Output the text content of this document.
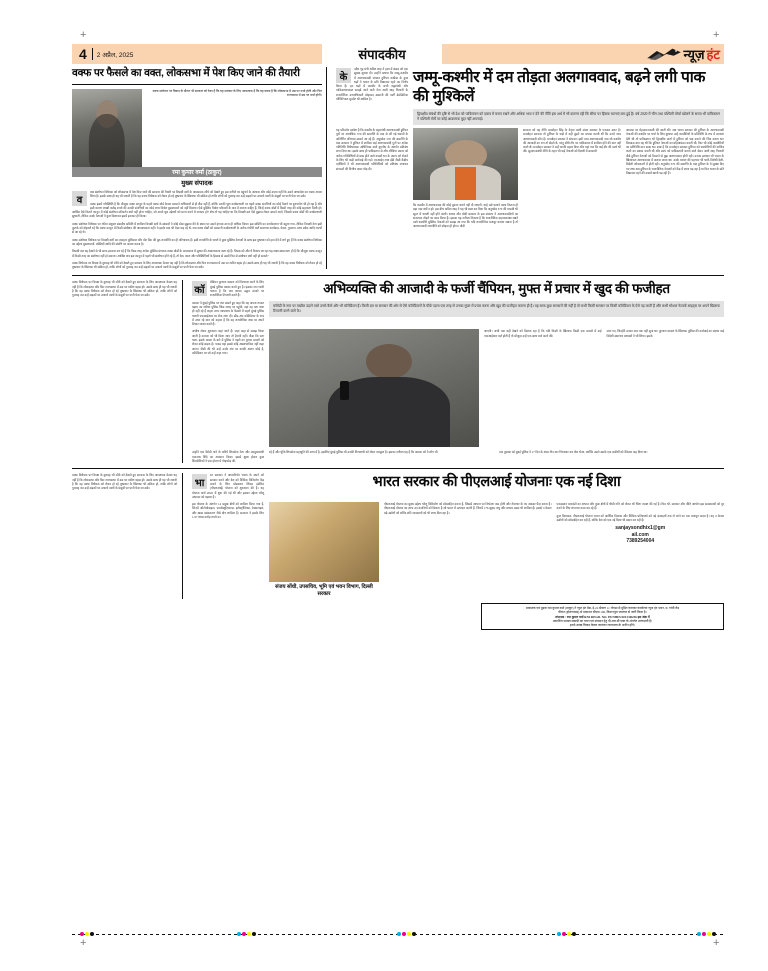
+	+
+	+
4	2 अप्रैल, 2025	संपादकीय	न्यूज़ हंट
वक्फ पर फैसले का वक्त, लोकसभा में पेश किए जाने की तैयारी
वक्फ संशोधन पर विवाद के दौरान भी सरकार को टेका है कि यह सरकार के लिए आवश्यक है कि वह वक्फ है कि लोकसभा में उस पर चर्चा होगी और फिर राज्यसभा में उस पर चर्चा होगी।
रमा कुमार वर्मा (ठाकुर)
मुख्य संपादक
व
क्फ संशोधन विधेयक को लोकसभा में पेश किए जाने की सरकार की तैयारी पर विपक्षी दलों के आक्रामक रवैये को देखते हुए इस नतीजे पर पहुंचने के अलावा और कोई उपाय नहीं कि उसने अध्यादेश का रास्ता अपना लिया है। इसके साथ ही यह भी जरूरी है कि यह वक्फ विधेयक को लेकर हो रहे दुष्प्रचार के खिलाफ भी सक्रिय हो ताकि लोगों को गुमराह कर उन्हें सड़कों पर उतारने वालों के मंसूबों पर पानी फेरा जा सके।
वक्फ इसमें परिस्थिति है कि मौजूदा वक्फ कानून के पहले वक्फ बोर्ड केवल मनमाने अधिकारों से ही लैस नहीं हैं, बल्कि उनकी भूल कार्यप्रणाली पर पहले वक्फ संपत्तियों का कोई पैमाने पर दुरुपयोग भी हो रहा है और इसी कारण लाखों करोड़ रुपये की उनकी संपत्तियों का कोई लाभ निर्बल मुसलमानों को नहीं मिलता। ऐसे मुस्लिम निर्बल परिवारों के बाद में नाराज कहिए हैं, जिन्हें वक्फ बोर्डों में किसी तरह की कोई सहायता मिली हो। आखिर ऐसे कितने कानून में कोई संशोधन-परिवर्तन क्यों नहीं होना चाहिए, जो अपने मूल उद्देश्यों को प्राप्त करने में नाकाम हो? शेष तो यह चाहिए था कि विपक्षी दल ऐसे मुझाव लेकर सामने आते, जिससे वक्फ बोर्डों की कार्यप्रणाली सुधरती, लेकिन उनके नेताओं ने कुल मिलाकर इसमें इनकार ही किया।
वक्फ संशोधन विधेयक पर गठित संयुक्त संसदीय समिति में शामिल विपक्षी दलों के सांसदों ने कोई ठोस सुझाव देने के स्थान पर उसने हंगामा ठाना ही अधिक किया। इस समिति का कार्यकलाप भी बहुत्य गया, लेकिन विपक्षी नेता इसी कुतर्क को दोहराते रहे कि वक्फ कानून में किसी संशोधन की आवश्यकता नहीं। वे इसके बाद भी ऐसा कह रहे थे, जब वक्फ बोर्डों को मनमानी कार्यप्रणाली के अनेक गंभीरी बातें समाचार कार्यक्रम, केरल, गुजरात, मध्य प्रदेश आदि राज्यों से आ रहे थे।
वक्फ संशोधन विधेयक पर विपक्षी दलों का व्यवहार मुशिकल और वोट बैंक की मूठ राजनीति का ही परिचायक है। इसी राजनीति के चलते वे कुछ मुस्लिम नेताओं के साथ इस दुष्प्रचार को हवा देने में लगे हुए हैं कि वक्फ संशोधन विधेयक का उद्देश्य मुसलमानों, मस्जिदों आदि की संपत्ति पर कब्जा करना है।
विपक्षी दल यह देखने से भी साफ इनकार कर रहे हैं कि किस तरह अनेक मुस्लिम मंगलक वक्फ बोर्डों के कामकाज में सुधार की आवश्यकता जता रहे हैं। विपक्ष को और ये रिकाय जा रहा यह लक्ष्य सामान्यत: ही है कि मौजूदा वक्फ कानून में किसी तरह का संशोधन नहीं हो सकता। आखिर जब इस कानून में पहले भी संशोधन होते रहे हैं, तो देश, काल और परिस्थितियों के हिसाब से उसमें फिर से संशोधन क्यों नहीं हो सकते?
वक्फ विधेयक पर विपक्ष के दुराग्रह भी रवैये को देखते हुए सरकार के लिए आवश्यक केवल यह नहीं है कि लोकसभा और फिर राज्यसभा में उस पर त्वरित बहस हो। उसके साथ ही यह भी जरूरी है कि वह वक्फ विधेयक को लेकर हो रहे दुष्प्रचार के खिलाफ भी सक्रिय हो, ताकि लोगों को गुमराह कर उन्हें सड़कों पर उतारने वालों के मंसूबों पर पानी फेरा जा सके।
के
न्द्रीय गृह मंत्री अमित शाह ने हाल में संसद को एक सुखद सूचना दी। उन्होंने बताया कि जम्मू-कश्मीर में अलगाववादी संगठन हुर्रियत कांफ्रेंस के कुछ धड़ों ने भारत के प्रति निष्ठावान रहने का निर्णय किया है। इन धड़ों में कश्मीर के सभी कट्टरपंथी और पाकिस्तानपरस्त समझे जाने वाले नेता अली शाह गिलानी के राजनीतिक उत्तराधिकारी मोहम्मद उस्मानी की पार्टी डेमोक्रेटिक पॉलिटिकल मूवमेंट भी शामिल है।
जम्मू-कश्मीर में दम तोड़ता अलगाववाद, बढ़ने लगी पाक की मुश्किलें
द्विपक्षीय संबंधों की दृष्टि से भी देश को पाकिस्तान को दबाव में बनाए रखने और अधिक भाव न देने की नीति इस अर्थ में भी कारगर रही कि सीमा पर हिंसक घटनाएं कम हुई हैं। वर्ष 2020 में चीन तथा पश्चिमी मोर्चा खोलने के समय भी पाकिस्तान ने पश्चिमी मोर्चे पर कोई आक्रामक मुद्दा नहीं अपनाई।
यह परिवर्तन दर्शाता है कि कश्मीर के कट्टरपंथी अलगाववादी हुर्रियत गुटों पर अत्यधिक 370 की समाप्ति के बाद से कौं गई थकावें के अनिर्णित परिणाम सामने आ रहे हैं। अनुच्छेद 370 की समाप्ति के बाद सरकार ने हुर्रियत में शामिल कई अलगाववादी गुटों पर अनेक गतिविधि निषेधात्मक अधिनियम वाले यूएपीए के अंतर्गत प्रतिबंध लगा दिया था। इसके साथ ही पाकिस्तान से और लीबिया प्रकार को अनेक गतिविधियों से ग्रास होने वाले कदमों धन के उपाय को रोकने के लिए भी कड़ी कार्रवाई की गई। एनआईए तथा ईडी जैसी केंद्रीय एजेंसियों ने भी अलगाववादी गतिविधियों को प्रतिबंध लगाकर संगठनों की वित्तीय कमर तोड़ दी।
कि कश्मीर में अलगाववाद की कोई दुकान चलने नहीं दी जाएगी, चाहे उसे चलाने वाला कितना ही बड़ा नाम क्यों न हो। इस बीच अमित शाह ने यह भी स्पष्ट कर दिया कि अनुच्छेद 370 की वापसी भी सूरत में चलती नहीं होने वाली। शायद और मोदी सरकार के इस संकल्प ने अलगाववादियों का संकल्पन तोड़ने का काम किया है। इसका यह नतीजा निकला है कि राजनीतिक महत्वाकांक्षा रखने वाले कश्मीरी मुस्लिम नेताओं को समझ आ गया कि यदि राजनीतिक मजबूर बनाया रखना है तो अलगाववादी राजनीति को छोड़ना ही होगा। मोदी
सरकार को यह नीति मनमोहन सिंह के नेतृत्व वाली संप्रग सरकार के एकदम उलट है। मनमोहन सरकार तो हुर्रियत के धड़ों में यही ढूंढ़ने का प्रयास करती थीं कि उनमें नरम अलगाववादी कौन है। मनमोहन सरकार ने संभवत: इसी नरम अलगाववादी नाम जो कश्मीर की आजादी का राग तो छेड़ते थे, परंतु सीधे तौर पर पाकिस्तान में शामिल होने की बात नहीं करते थे। मनमोहन सरकार ने उन्हें काफी महत्व दिया और यहां तक कि कई दौर की वार्ता भी की। सुरक्षा संबंधी नीति के तहत भी कई नेताओं को दिल्ली में सरकारी
आवास पर मेहमाननवाजी की जाती थी। जब भारत सरकार की हुर्रियत के अलगाववादी नेताओं की कश्मीर पर चर्चा के लिए बुलाया उन्हें कश्मीरियों के प्रतिनिधि के रूप में मान्यता देती थी तो पाकिस्तान भी द्विपक्षीय वार्ता में हुर्रियत को पक्ष बनाने की जिद करता था। विश्वास बात यह थी कि हुर्रियत नेताओं का महिमामंडन करती थी, फिर भी कोई कश्मीरियों का प्रतिनिधि मान सका था। स्पष्ट है कि मनमोहन सरकार हुर्रियत को कश्मीरियों की वाजिब करने का प्रयास करती थी और स्वयं को पाकिस्तानी बताने वाले सेवन अली शाह गिलानी जैसे हुर्रियत नेताओं को ठिकाने से मुझ अलगाववाद होगी रही। उनका इलाका भी भारत के खिलाफत अलगाववाद में करावा जाता था। उनके बारात की पहचान भी भारी-विरोधी देशी-विदेशी कोफ्फरटों में होती रही। अनुच्छेद 370 की समाप्ति के बाद हुर्रियत के ये सुरक्षा दिए गए तथा अब हुर्रियत के राजनीतिक नेताओं को केंद्र में लाना पड़ रहा है या फिर भारत के प्रति निष्ठावान रहने की कसमें खानी पड़ रही हैं।
वक्फ विधेयक पर विपक्ष के दुराग्रह भी रवैये को देखते हुए सरकार के लिए आवश्यक केवल यह नहीं है कि लोकसभा और फिर राज्यसभा में उस पर त्वरित बहस हो। उसके साथ ही यह भी जरूरी है कि वह वक्फ विधेयक को लेकर हो रहे दुष्प्रचार के खिलाफ भी सक्रिय हो, ताकि लोगों को गुमराह कर उन्हें सड़कों पर उतारने वालों के मंसूबों पर पानी फेरा जा सके।	कॉ
मेडियन कुणाल कामरा को गिरफ्तार करने के लिए मुंबई पुलिस पक्का बनते हुए है। इसका जन प्यारी चलना है कि जब शायद उद्धव ठाकरे पर राजनीतिक टिप्पणी करते हैं।	अभिव्यक्ति की आजादी के फर्जी चैंपियन, मुफ्त में प्रचार में खुद की फजीहत
कामरा ने मुंबई पुलिस पर तंज कसते हुए कहा कि यह अपना ताकत बढ़ाए का जरिया पुलिस जिस जगह पर पहुंची, वहां वह पता चला ही नहीं रहे हैं शहरा उच्च न्यायालय के फैसले में पहले मुंबई पुलिस चलती एफआईआर पर रोक लगा दी। स्टैंड-अप कॉमेडियन के रूप में उभर रहे बात को कहना है कि वह राजनीतिक रुख पर अपने विचार व्यक्त करते हैं।
कॉमेडी के नाम पर मखौल उड़ाने वाले उनसे कैसे और भी कॉमेडियन हैं। किसी दल या सरकार की ओर से ऐसे कॉमेडियनों के पीछे पड़ना एक तरह से उनका मुफ्त में प्रचार करना और खुद की फजीहत कराना ही है। यह साफ कुछ सरकारों की नहीं है तो कभी किसी सरकार पर किसी कॉमेडियन के ऐसे पड़ जाती हैं और कभी सोशल नेटवर्क साइट्स पर अपने खिलाफ टिप्पणी करने वाले के।
अभीष लेकर शुरुआत कहां जाते हैं। जहां कहा से समझ किया जाती है कामरा को भी मिला जाए तो हैरानी नहीं। जैसा कि पता चला, इसके कमरा के बारे में पुलिस ने पहले का पुराना मामले को लेकर कोई सड़क है। पकड़ यहां इससे कोई अस्वाभाविक नहीं कहा जाता। जैसी की भी उन्हें उनके मंच पर काफी अलग कोई है, कॉमेडियन पर जो उन्हें कहा गया।
जाएगी। अभी तक यही देखने को मिलता रहा है कि यदि किसी के खिलाफ किसी एक मामले में कई एफआईआर दर्ज होती हैं तो मौजूदा उन्हें एक साथ मर्ज करने की।
जान गए, जिन्होंने उनका नाम तक नहीं सुना था। कुणाल कामरा के खिलाफ पुलिस की कार्रवाई का संज्ञान कई विदेशी समाचार माध्यमों ने भी लिया। इसके
उन्होंने एक पैरोडी गाने के जरिये शिवसेना नेता और उपमुख्यमंत्री एकनाथ शिंदे का अपमान किया। इससे क्षुब्ध होकर कुछ शिवसैनिकों ने एक होटल में तोड़फोड़ की,
रहे हैं और चूंकि शिवसेना महायुति की सत्ता में है, इसलिए मुंबई पुलिस भी उनकी गिरफ्तारी को लेकर व्याकुल है। इसका नतीजा यह है कि कामरा को वे लोग भी	एक पुस्तक को मुंबई पुलिस ने 17 दिन के अंदर तीन बार गिरफ्तार कर जेल भेजा, क्योंकि उसने उसके एक कवीर्षों को वैकेशन कह दिया था।
वक्फ विधेयक पर विपक्ष के दुराग्रह भी रवैये को देखते हुए सरकार के लिए आवश्यक केवल यह नहीं है कि लोकसभा और फिर राज्यसभा में उस पर त्वरित बहस हो। उसके साथ ही यह भी जरूरी है कि वह वक्फ विधेयक को लेकर हो रहे दुष्प्रचार के खिलाफ भी सक्रिय हो, ताकि लोगों को गुमराह कर उन्हें सड़कों पर उतारने वालों के मंसूबों पर पानी फेरा जा सके।	भा
रत सरकार ने आत्मनिर्भर भारत के सपने को साकार करने और देश को वैश्विक विनिर्माण केंद्र बनाने के लिए प्रोडक्शन लिंक्ड इंसेंटिव (पीएलआई) योजना को शुरुआत की है। यह योजना मार्च 2020 में शुरू की गई थी और इसका उद्देश्य घरेलू उत्पादन को बढ़ाना है।
भारत सरकार की पीएलआई योजनाः एक नई दिशा
इस योजना के अंतर्गत 14 प्रमुख क्षेत्रों को शामिल किया गया है, जिनमें ऑटोमोबाइल, फार्मास्यूटिकल्स, इलेक्ट्रॉनिक्स, टेक्सटाइल, और खाद्य प्रसंस्करण जैसे क्षेत्र शामिल हैं। सरकार ने इसके लिए 1.97 लाख करोड़ रुपये का
संजय सोंधी, उपसचिव, भूमि एवं भवन विभाग, दिल्ली सरकार
पीएलआई योजना का मुख्य उद्देश्य घरेलू विनिर्माण को प्रोत्साहित करना है, जिससे आयात पर निर्भरता कम होगी और रोजगार के नए अवसर पैदा करना है। पीएलआई योजना का लाभ उन कंपनियों को मिलता है जो भारत में उत्पादन करती हैं, जिनमें 176 सूक्ष्म, लघु और मध्यम उद्यम भी शामिल हैं। इससे न केवल बड़े उद्योगों को बल्कि छोटे व्यवसायों को भी लाभ मिल रहा है।
एकसमान मानदंडों का अभाव और कुछ क्षेत्रों में धीमी गति को लेकर भी चिंता व्यक्त की गई है। फिर भी, सरकार और नीति आयोग इस समस्याओं को दूर करने के लिए लगातार काम कर रहे हैं।
कुल मिलाकर, पीएलआई योजना भारत को आर्थिक विकास और वैश्विक प्रतिस्पर्धा को नई ऊंचाइयों तक ले जाने का एक मजबूत कदम है। यह न केवल उद्योगों को प्रोत्साहित कर रही है, बल्कि देश को एक नई दिशा भी प्रदान कर रही है।
sanjaysondhix1@gm
ail.com
7389254004
प्रकाशक एवं मुद्रक रमा कुमार वर्मा (ठाकुर) ने न्यूज हंट प्रेस, ई-22 सेक्टर 11 नोएडा से मुद्रित कराकर कार्यालय न्यूज हंट भवन, म. गांधी रोड
वीरांत (होशंगाबाद) से प्रकाशन बीएस 106, किशनपुरा जालंधर से जारी किया है।
संपादक : रमा कुमार वर्मा RNI REGD. NO. PUNHIN/2013/48236 इस अंक में
प्रकाशित समस्त सामग्री का चयन एवं संपादन हेतु पी.आर.बी एक्ट के अंतर्गत उत्तरदायी हैं।
इनसे उत्पन्न विवाद केवल जालंधर न्यायालय के अधीन होंगे।
